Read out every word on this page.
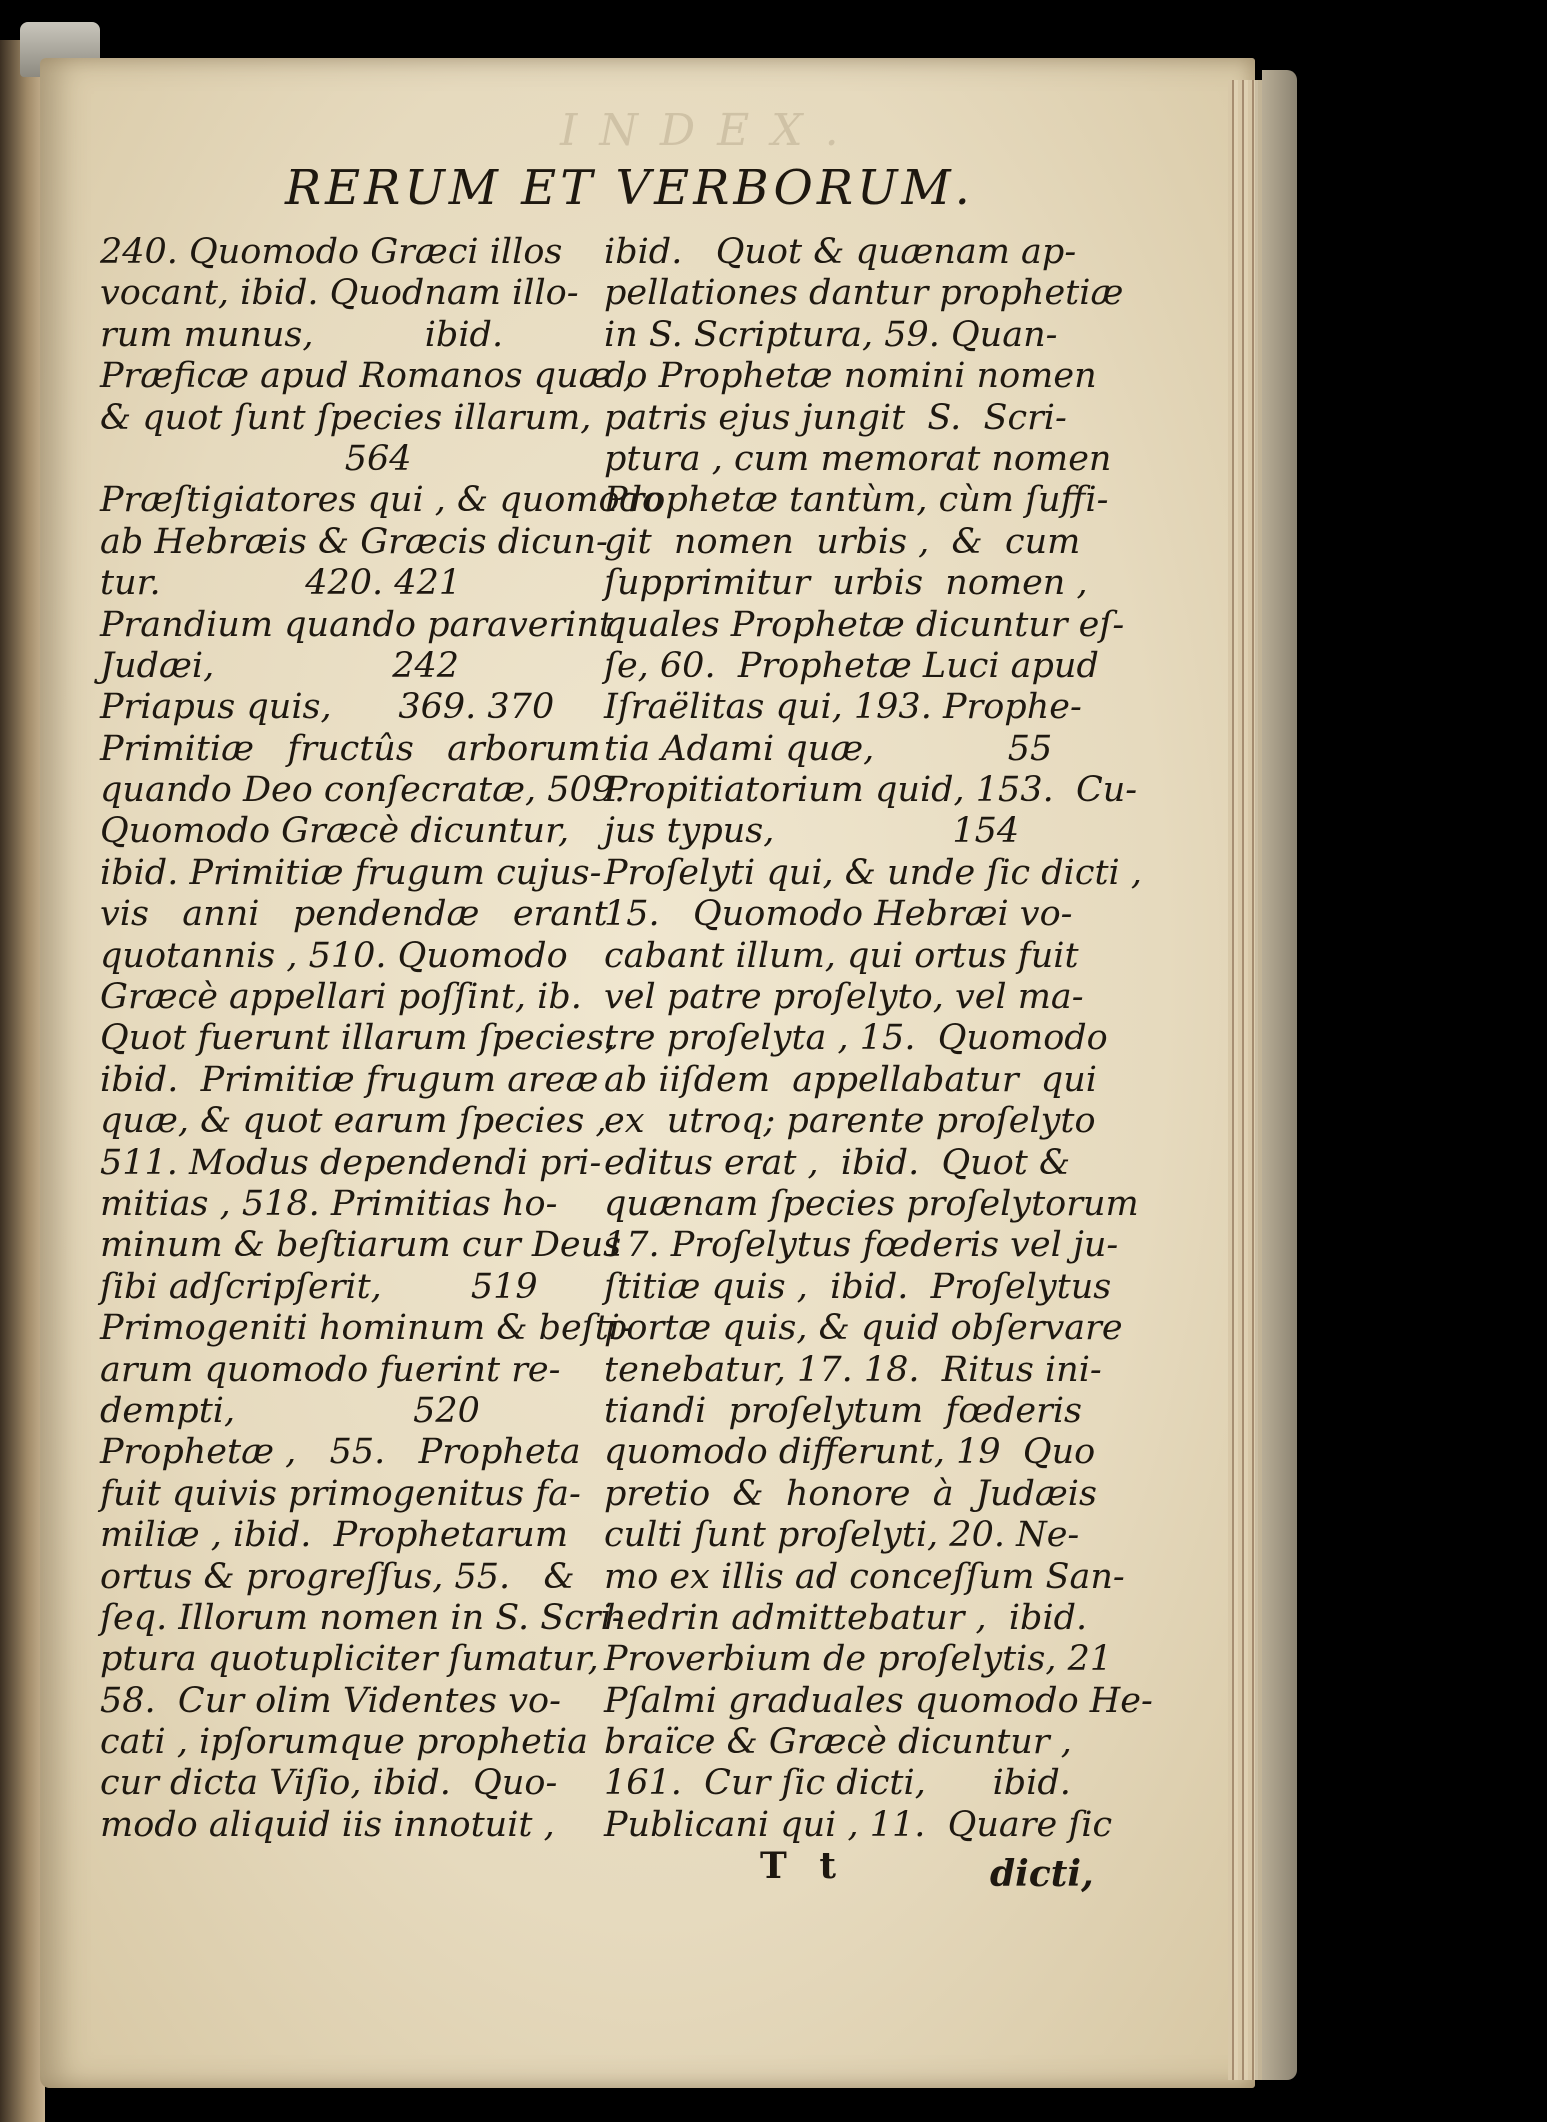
INDEX.
RERUM ET VERBORUM.
240. Quomodo Græci illos
vocant, ibid. Quodnam illo-
rum munus,          ibid.
Præficæ apud Romanos quæ ,
& quot ſunt ſpecies illarum,
564
Præſtigiatores qui , & quomodo
ab Hebræis & Græcis dicun-
tur.             420. 421
Prandium quando paraverint
Judæi,                242
Priapus quis,      369. 370
Primitiæ   fructûs   arborum
quando Deo conſecratæ, 509.
Quomodo Græcè dicuntur,
ibid. Primitiæ frugum cujus-
vis   anni   pendendæ   erant
quotannis , 510. Quomodo
Græcè appellari poſſint, ib.
Quot fuerunt illarum ſpecies,
ibid.  Primitiæ frugum areæ
quæ, & quot earum ſpecies ,
511. Modus dependendi pri-
mitias , 518. Primitias ho-
minum & beſtiarum cur Deus
ſibi adſcripſerit,        519
Primogeniti hominum & beſti-
arum quomodo fuerint re-
dempti,                520
Prophetæ ,   55.   Propheta
fuit quivis primogenitus fa-
miliæ , ibid.  Prophetarum
ortus & progreſſus, 55.   &
ſeq. Illorum nomen in S. Scri-
ptura quotupliciter ſumatur,
58.  Cur olim Videntes vo-
cati , ipſorumque prophetia
cur dicta Viſio, ibid.  Quo-
modo aliquid iis innotuit ,
ibid.   Quot & quænam ap-
pellationes dantur prophetiæ
in S. Scriptura, 59. Quan-
do Prophetæ nomini nomen
patris ejus jungit  S.  Scri-
ptura , cum memorat nomen
Prophetæ tantùm, cùm ſuffi-
git  nomen  urbis ,  &  cum
ſupprimitur  urbis  nomen ,
quales Prophetæ dicuntur eſ-
ſe, 60.  Prophetæ Luci apud
Iſraëlitas qui, 193. Prophe-
tia Adami quæ,            55
Propitiatorium quid, 153.  Cu-
jus typus,                154
Proſelyti qui, & unde ſic dicti ,
15.   Quomodo Hebræi vo-
cabant illum, qui ortus fuit
vel patre proſelyto, vel ma-
tre proſelyta , 15.  Quomodo
ab iiſdem  appellabatur  qui
ex  utroq; parente proſelyto
editus erat ,  ibid.  Quot &
quænam ſpecies proſelytorum
17. Proſelytus fœderis vel ju-
ſtitiæ quis ,  ibid.  Proſelytus
portæ quis, & quid obſervare
tenebatur, 17. 18.  Ritus ini-
tiandi  proſelytum  fœderis
quomodo differunt, 19  Quo
pretio  &  honore  à  Judæis
culti ſunt proſelyti, 20. Ne-
mo ex illis ad conceſſum San-
hedrin admittebatur ,  ibid.
Proverbium de proſelytis, 21
Pſalmi graduales quomodo He-
braïce & Græcè dicuntur ,
161.  Cur ſic dicti,      ibid.
Publicani qui , 11.  Quare ſic
T t	dicti,
